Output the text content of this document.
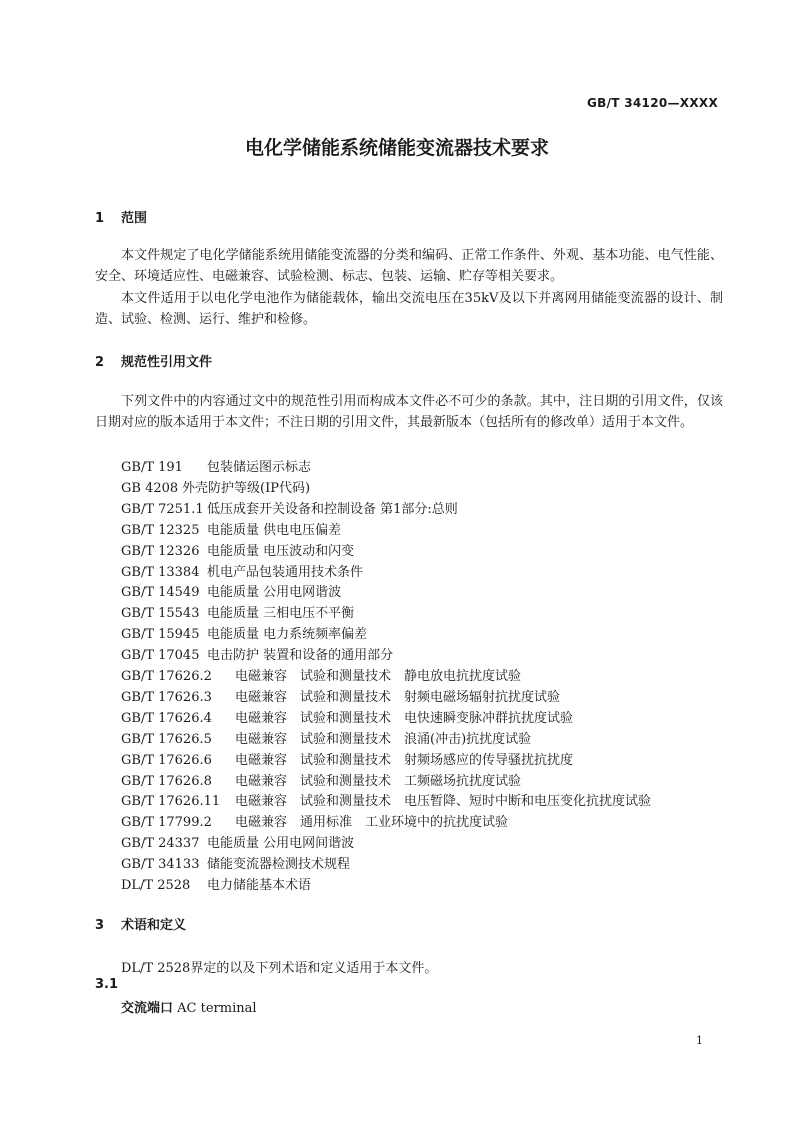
GB/T 34120—XXXX
电化学储能系统储能变流器技术要求
1 范围
本文件规定了电化学储能系统用储能变流器的分类和编码、正常工作条件、外观、基本功能、电气性能、安全、环境适应性、电磁兼容、试验检测、标志、包装、运输、贮存等相关要求。
本文件适用于以电化学电池作为储能载体，输出交流电压在35kV及以下并离网用储能变流器的设计、制造、试验、检测、运行、维护和检修。
2 规范性引用文件
下列文件中的内容通过文中的规范性引用而构成本文件必不可少的条款。其中，注日期的引用文件，仅该日期对应的版本适用于本文件；不注日期的引用文件，其最新版本（包括所有的修改单）适用于本文件。
GB/T 191 包装储运图示标志
GB 4208 外壳防护等级(IP代码)
GB/T 7251.1 低压成套开关设备和控制设备 第1部分:总则
GB/T 12325 电能质量 供电电压偏差
GB/T 12326 电能质量 电压波动和闪变
GB/T 13384 机电产品包装通用技术条件
GB/T 14549 电能质量 公用电网谐波
GB/T 15543 电能质量 三相电压不平衡
GB/T 15945 电能质量 电力系统频率偏差
GB/T 17045 电击防护 装置和设备的通用部分
GB/T 17626.2 电磁兼容　试验和测量技术　静电放电抗扰度试验
GB/T 17626.3 电磁兼容　试验和测量技术　射频电磁场辐射抗扰度试验
GB/T 17626.4 电磁兼容　试验和测量技术　电快速瞬变脉冲群抗扰度试验
GB/T 17626.5 电磁兼容　试验和测量技术　浪涌(冲击)抗扰度试验
GB/T 17626.6 电磁兼容　试验和测量技术　射频场感应的传导骚扰抗扰度
GB/T 17626.8 电磁兼容　试验和测量技术　工频磁场抗扰度试验
GB/T 17626.11 电磁兼容　试验和测量技术　电压暂降、短时中断和电压变化抗扰度试验
GB/T 17799.2 电磁兼容　通用标准　工业环境中的抗扰度试验
GB/T 24337 电能质量 公用电网间谐波
GB/T 34133 储能变流器检测技术规程
DL/T 2528 电力储能基本术语
3 术语和定义
DL/T 2528界定的以及下列术语和定义适用于本文件。
3.1
交流端口 AC terminal
1
